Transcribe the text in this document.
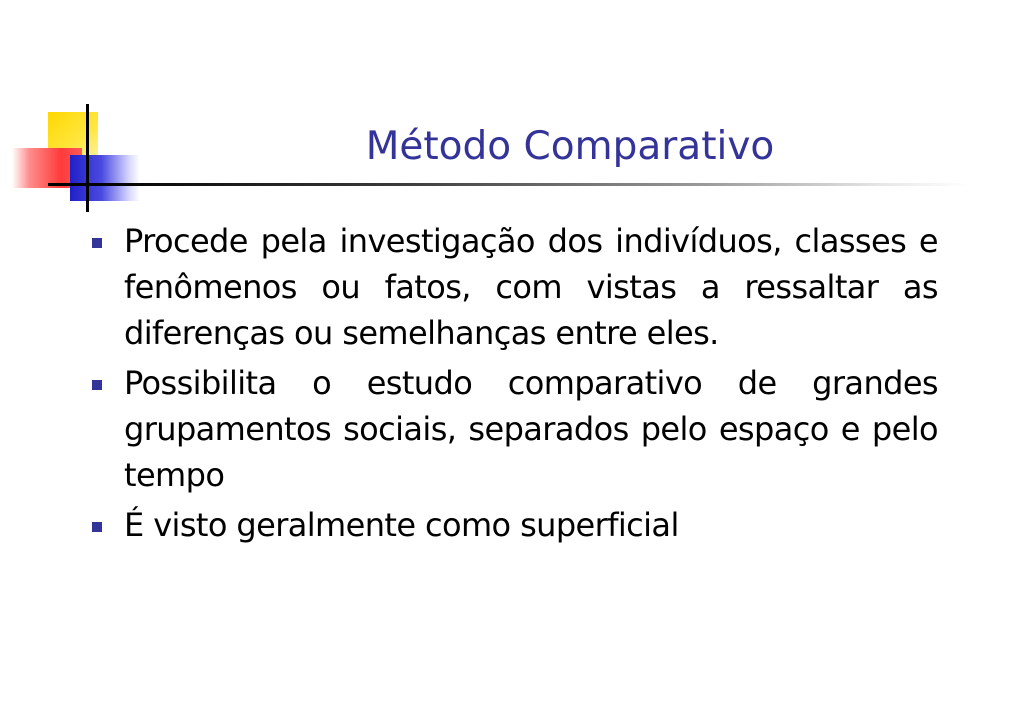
Método Comparativo
Procede pela investigação dos indivíduos, classes e fenômenos ou fatos, com vistas a ressaltar as diferenças ou semelhanças entre eles.
Possibilita o estudo comparativo de grandes grupamentos sociais, separados pelo espaço e pelo tempo
É visto geralmente como superficial
